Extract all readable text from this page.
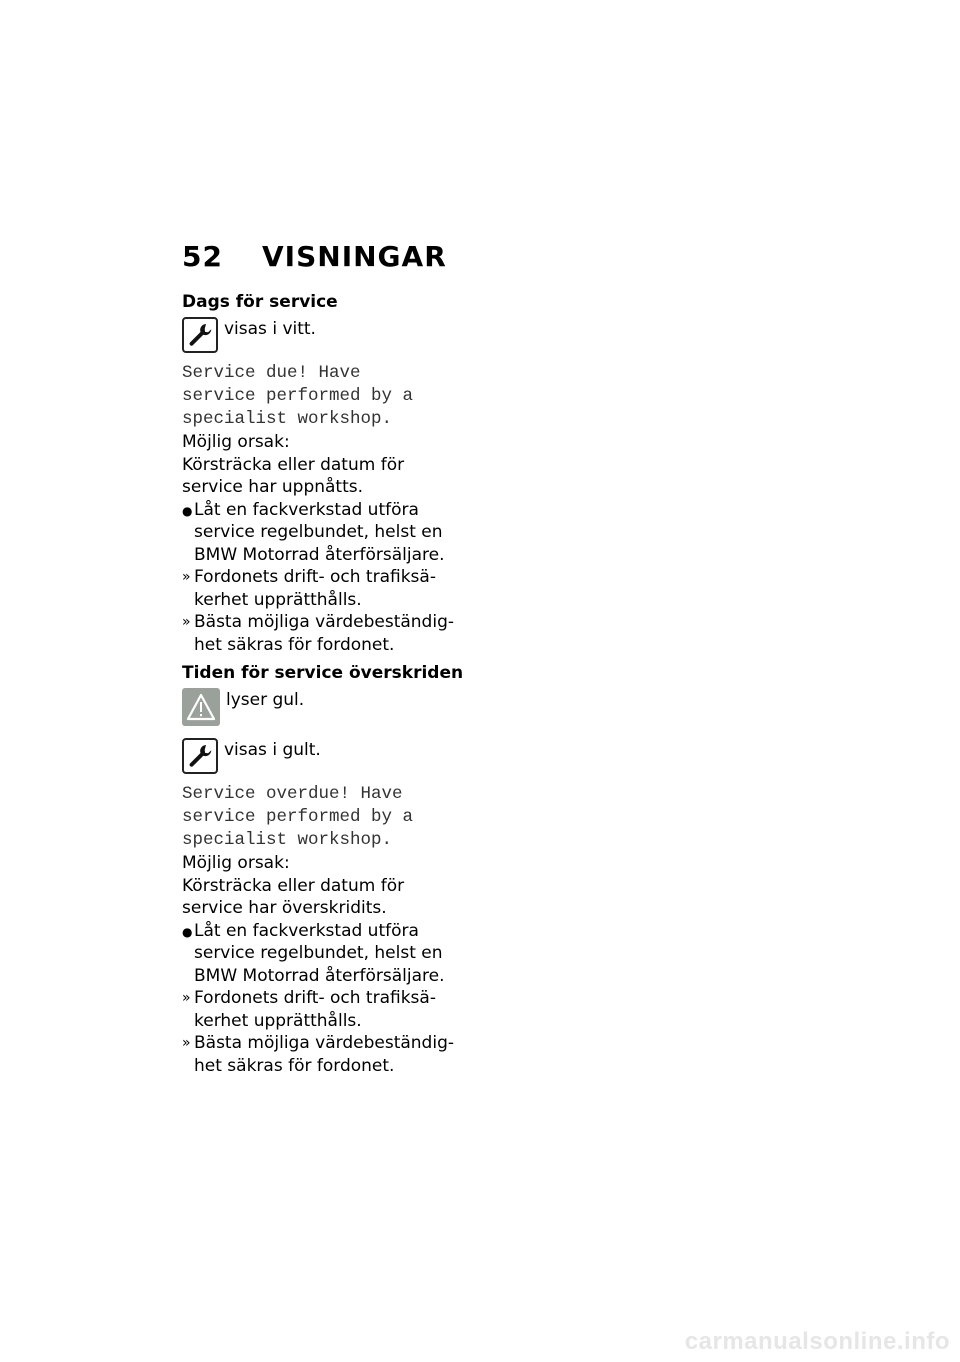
52	VISNINGAR
Dags för service
visas i vitt.
Service due! Have
service performed by a
specialist workshop.
Möjlig orsak:
Körsträcka eller datum för
service har uppnåtts.
● Låt en fackverkstad utföra
service regelbundet, helst en
BMW Motorrad återförsäljare.
» Fordonets drift- och trafiksä-
kerhet upprätthålls.
» Bästa möjliga värdebeständig-
het säkras för fordonet.
Tiden för service överskriden
lyser gul.
visas i gult.
Service overdue! Have
service performed by a
specialist workshop.
Möjlig orsak:
Körsträcka eller datum för
service har överskridits.
● Låt en fackverkstad utföra
service regelbundet, helst en
BMW Motorrad återförsäljare.
» Fordonets drift- och trafiksä-
kerhet upprätthålls.
» Bästa möjliga värdebeständig-
het säkras för fordonet.
carmanualsonline.info
